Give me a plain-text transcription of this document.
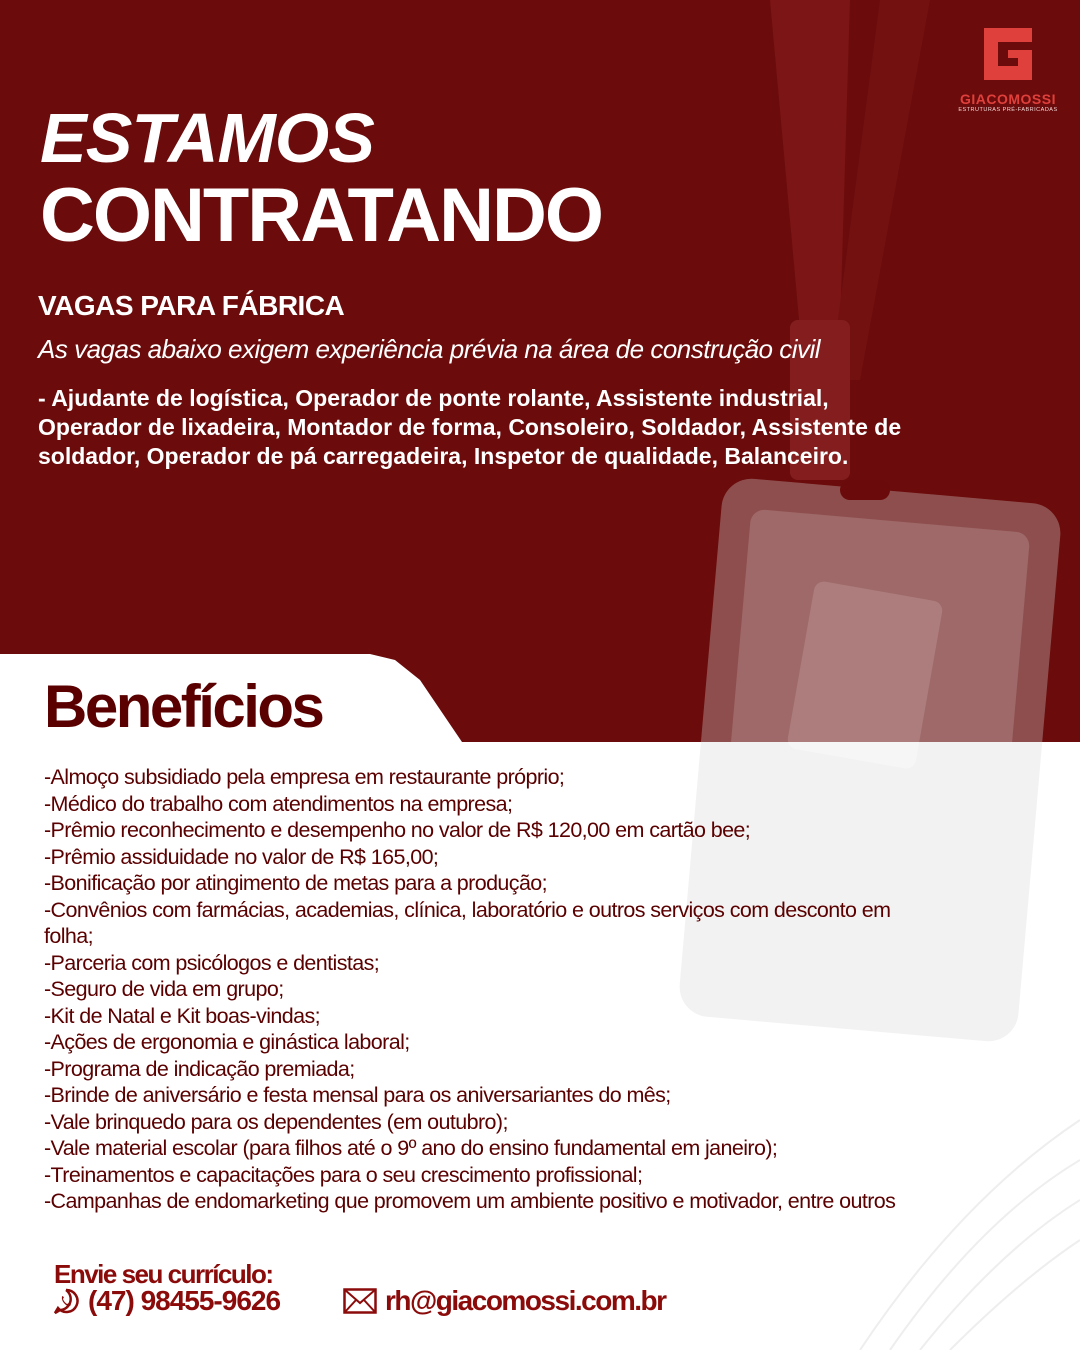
GIACOMOSSI
ESTRUTURAS PRÉ-FABRICADAS
ESTAMOS
CONTRATANDO
VAGAS PARA FÁBRICA
As vagas abaixo exigem experiência prévia na área de construção civil
- Ajudante de logística, Operador de ponte rolante, Assistente industrial, Operador de lixadeira, Montador de forma, Consoleiro, Soldador, Assistente de soldador, Operador de pá carregadeira, Inspetor de qualidade, Balanceiro.
Benefícios
-Almoço subsidiado pela empresa em restaurante próprio;
-Médico do trabalho com atendimentos na empresa;
-Prêmio reconhecimento e desempenho no valor de R$ 120,00 em cartão bee;
-Prêmio assiduidade no valor de R$ 165,00;
-Bonificação por atingimento de metas para a produção;
-Convênios com farmácias, academias, clínica, laboratório e outros serviços com desconto em folha;
-Parceria com psicólogos e dentistas;
-Seguro de vida em grupo;
-Kit de Natal e Kit boas-vindas;
-Ações de ergonomia e ginástica laboral;
-Programa de indicação premiada;
-Brinde de aniversário e festa mensal para os aniversariantes do mês;
-Vale brinquedo para os dependentes (em outubro);
-Vale material escolar (para filhos até o 9º ano do ensino fundamental em janeiro);
-Treinamentos e capacitações para o seu crescimento profissional;
-Campanhas de endomarketing que promovem um ambiente positivo e motivador, entre outros
Envie seu currículo:
(47) 98455-9626	rh@giacomossi.com.br
